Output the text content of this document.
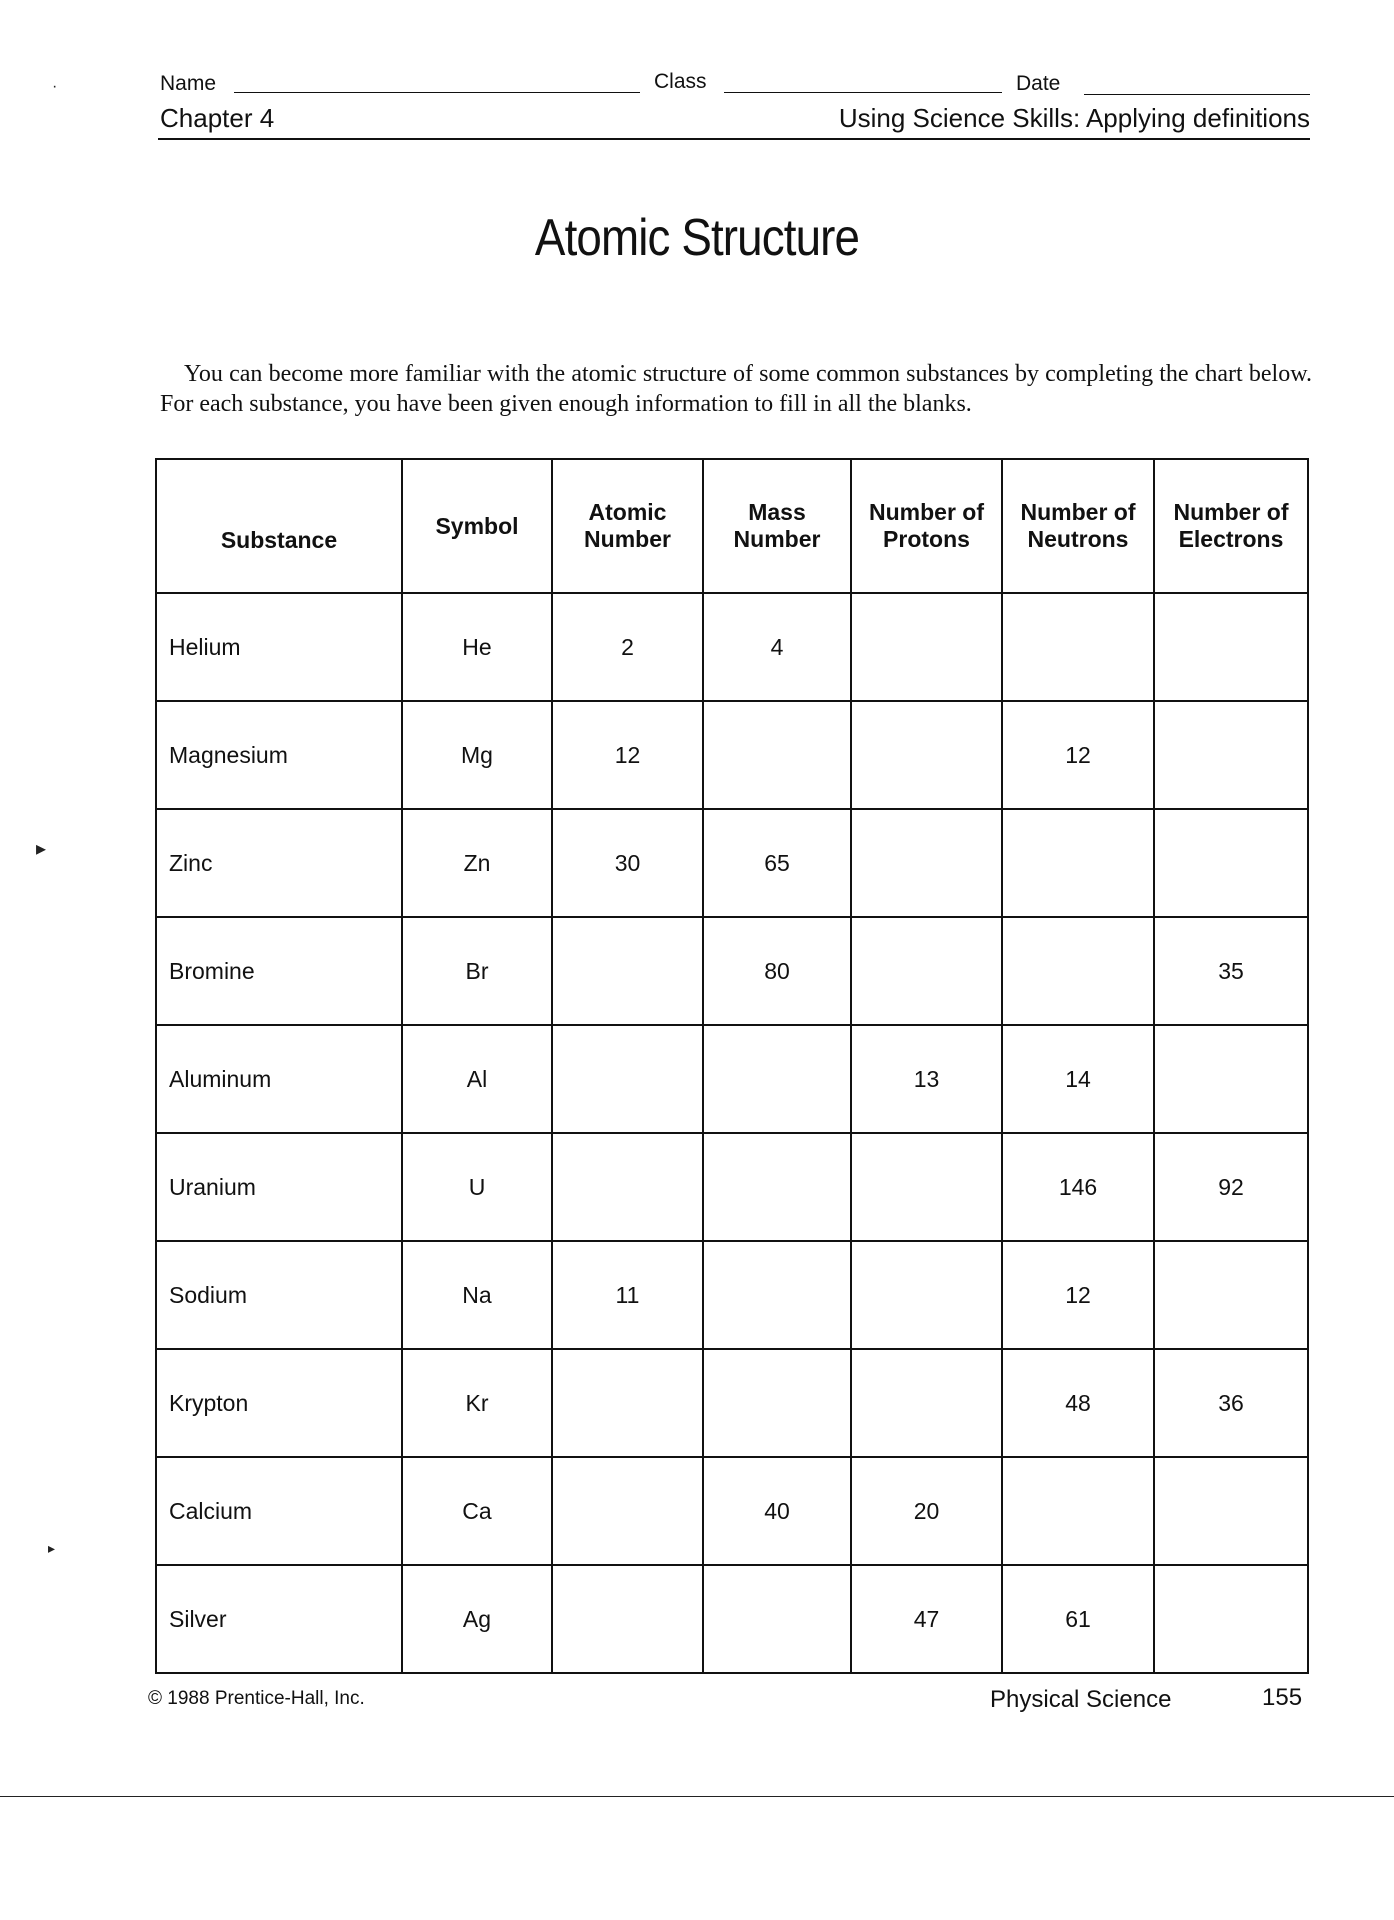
Name	Class	Date
Chapter 4	Using Science Skills: Applying definitions
Atomic Structure

You can become more familiar with the atomic structure of some common substances by completing the chart below. For each substance, you have been given enough information to fill in all the blanks.

Substance	Symbol	Atomic Number	Mass Number	Number of Protons	Number of Neutrons	Number of Electrons
Helium	He	2	4			
Magnesium	Mg	12			12	
Zinc	Zn	30	65			
Bromine	Br		80			35
Aluminum	Al			13	14	
Uranium	U				146	92
Sodium	Na	11			12	
Krypton	Kr				48	36
Calcium	Ca		40	20		
Silver	Ag			47	61	
© 1988 Prentice-Hall, Inc.	Physical Science	155
·
▸
▸
